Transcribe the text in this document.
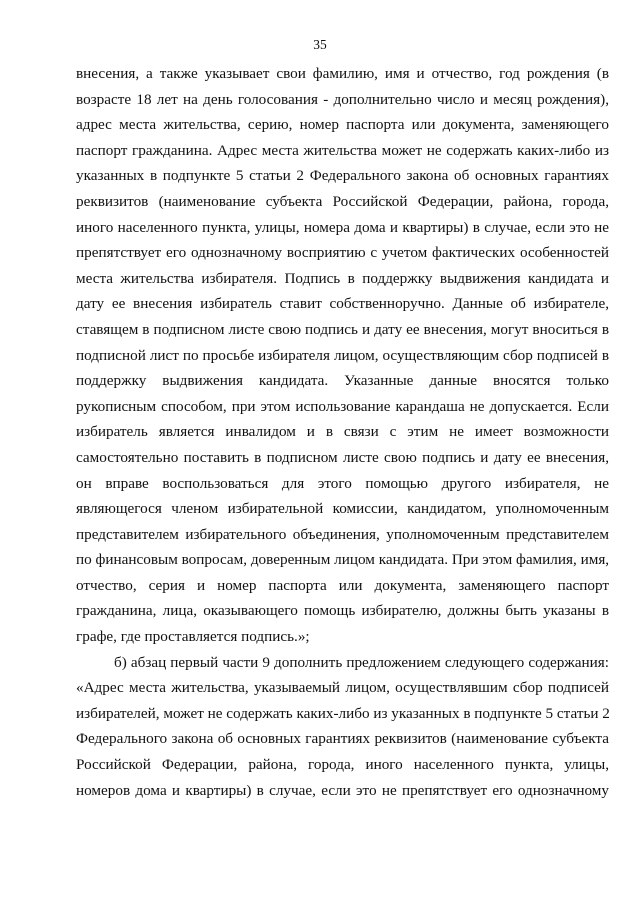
35
внесения, а также указывает свои фамилию, имя и отчество, год рождения (в
возрасте 18 лет на день голосования - дополнительно число и месяц рождения),
адрес места жительства, серию, номер паспорта или документа, заменяющего
паспорт гражданина. Адрес места жительства может не содержать каких-либо из
указанных в подпункте 5 статьи 2 Федерального закона об основных гарантиях
реквизитов (наименование субъекта Российской Федерации, района, города,
иного населенного пункта, улицы, номера дома и квартиры) в случае, если это не
препятствует его однозначному восприятию с учетом фактических особенностей
места жительства избирателя. Подпись в поддержку выдвижения кандидата и
дату ее внесения избиратель ставит собственноручно. Данные об избирателе,
ставящем в подписном листе свою подпись и дату ее внесения, могут вноситься в
подписной лист по просьбе избирателя лицом, осуществляющим сбор подписей в
поддержку выдвижения кандидата. Указанные данные вносятся только
рукописным способом, при этом использование карандаша не допускается. Если
избиратель является инвалидом и в связи с этим не имеет возможности
самостоятельно поставить в подписном листе свою подпись и дату ее внесения,
он вправе воспользоваться для этого помощью другого избирателя, не
являющегося членом избирательной комиссии, кандидатом, уполномоченным
представителем избирательного объединения, уполномоченным представителем
по финансовым вопросам, доверенным лицом кандидата. При этом фамилия, имя,
отчество, серия и номер паспорта или документа, заменяющего паспорт
гражданина, лица, оказывающего помощь избирателю, должны быть указаны в
графе, где проставляется подпись.»;
б) абзац первый части 9 дополнить предложением следующего содержания:
«Адрес места жительства, указываемый лицом, осуществлявшим сбор подписей
избирателей, может не содержать каких-либо из указанных в подпункте 5 статьи 2
Федерального закона об основных гарантиях реквизитов (наименование субъекта
Российской Федерации, района, города, иного населенного пункта, улицы,
номеров дома и квартиры) в случае, если это не препятствует его однозначному
